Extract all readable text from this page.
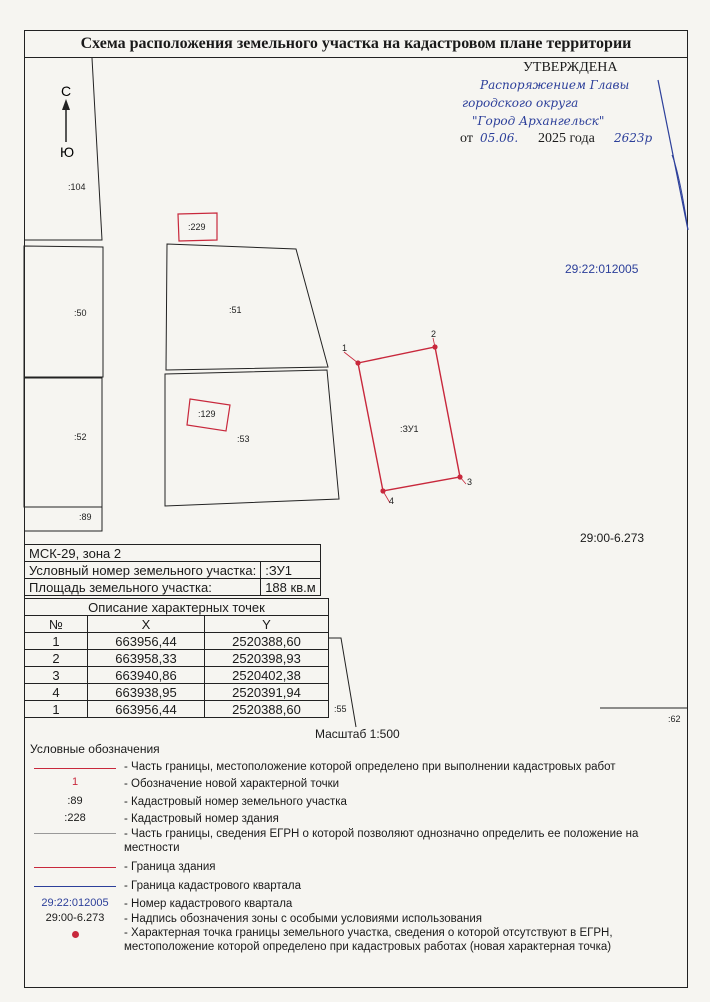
Схема расположения земельного участка на кадастровом плане территории
С
Ю
:104
:50
:52
:89
:51
:53
:229
:129
:ЗУ1
:55
:62
1
2
3
4
УТВЕРЖДЕНА
Распоряжением Главы
городского округа
"Город Архангельск"
от 05.06. 2025 года 2623р
29:22:012005
29:00-6.273
МСК-29, зона 2	
Условный номер земельного участка:	:ЗУ1
Площадь земельного участка:	188 кв.м
Описание характерных точек		
№	X	Y
1	663956,44	2520388,60
2	663958,33	2520398,93
3	663940,86	2520402,38
4	663938,95	2520391,94
1	663956,44	2520388,60
Масштаб 1:500
Условные обозначения
- Часть границы, местоположение которой определено при выполнении кадастровых работ
1	- Обозначение новой характерной точки
:89	- Кадастровый номер земельного участка
:228	- Кадастровый номер здания
- Часть границы, сведения ЕГРН о которой позволяют однозначно определить ее положение на местности
- Граница здания
- Граница кадастрового квартала
29:22:012005	- Номер кадастрового квартала
29:00-6.273	- Надпись обозначения зоны с особыми условиями использования
- Характерная точка границы земельного участка, сведения о которой отсутствуют в ЕГРН, местоположение которой определено при кадастровых работах (новая характерная точка)
